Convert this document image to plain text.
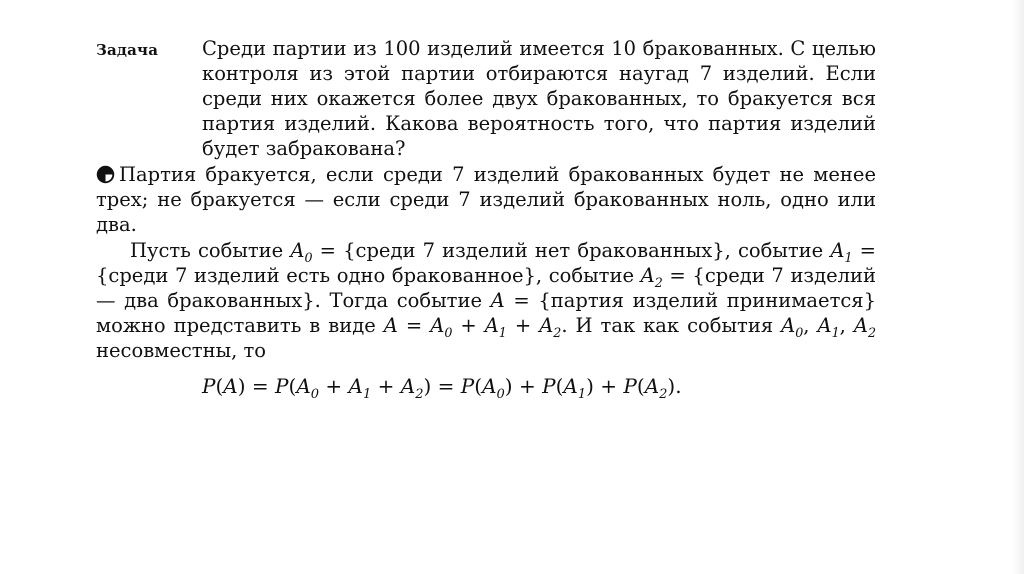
Задача	Среди партии из 100 изделий имеется 10 бракованных. С целью контроля из этой партии отбираются наугад 7 изделий. Если среди них окажется более двух бракованных, то бракуется вся партия изделий. Какова вероятность того, что партия изделий будет забракована?
Партия бракуется, если среди 7 изделий бракованных будет не менее трех; не бракуется — если среди 7 изделий бракованных ноль, одно или два.
Пусть событие $A_0$ = {среди 7 изделий нет бракованных}, событие $A_1$ = {среди 7 изделий есть одно бракованное}, событие $A_2$ = {среди 7 изделий — два бракованных}. Тогда событие A = {партия изделий принимается} можно представить в виде $A = A_0 + A_1 + A_2$. И так как события $A_0$, $A_1$, $A_2$ несовместны, то
$P(A) = P(A_0 + A_1 + A_2) = P(A_0) + P(A_1) + P(A_2)$.
